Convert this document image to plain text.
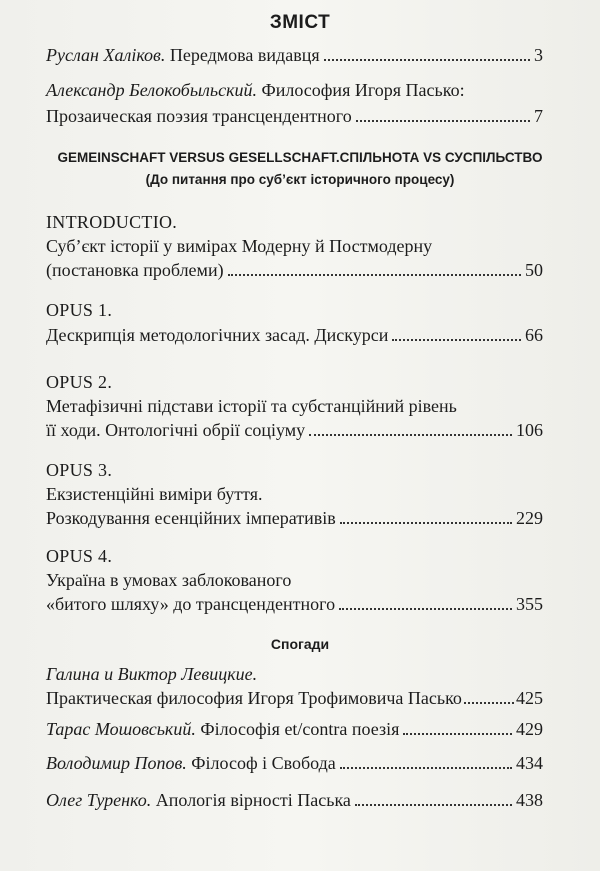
ЗМІСТ
Руслан Халіков. Передмова видавця	3
Александр Белокобыльский. Философия Игоря Пасько:
Прозаическая поэзия трансцендентного	7
GEMEINSCHAFT VERSUS GESELLSCHAFT.СПІЛЬНОТА VS СУСПІЛЬСТВО
(До питання про суб’єкт історичного процесу)
INTRODUCTIO.
Суб’єкт історії у вимірах Модерну й Постмодерну
(постановка проблеми)	50
OPUS 1.
Дескрипція методологічних засад. Дискурси	66
OPUS 2.
Метафізичні підстави історії та субстанційний рівень
її ходи. Онтологічні обрії соціуму	106
OPUS 3.
Екзистенційні виміри буття.
Розкодування есенційних імперативів	229
OPUS 4.
Україна в умовах заблокованого
«битого шляху» до трансцендентного	355
Спогади
Галина и Виктор Левицкие.
Практическая философия Игоря Трофимовича Пасько	425
Тарас Мошовський. Філософія et/contra поезія	429
Володимир Попов. Філософ і Свобода	434
Олег Туренко. Апологія вірності Паська	438
